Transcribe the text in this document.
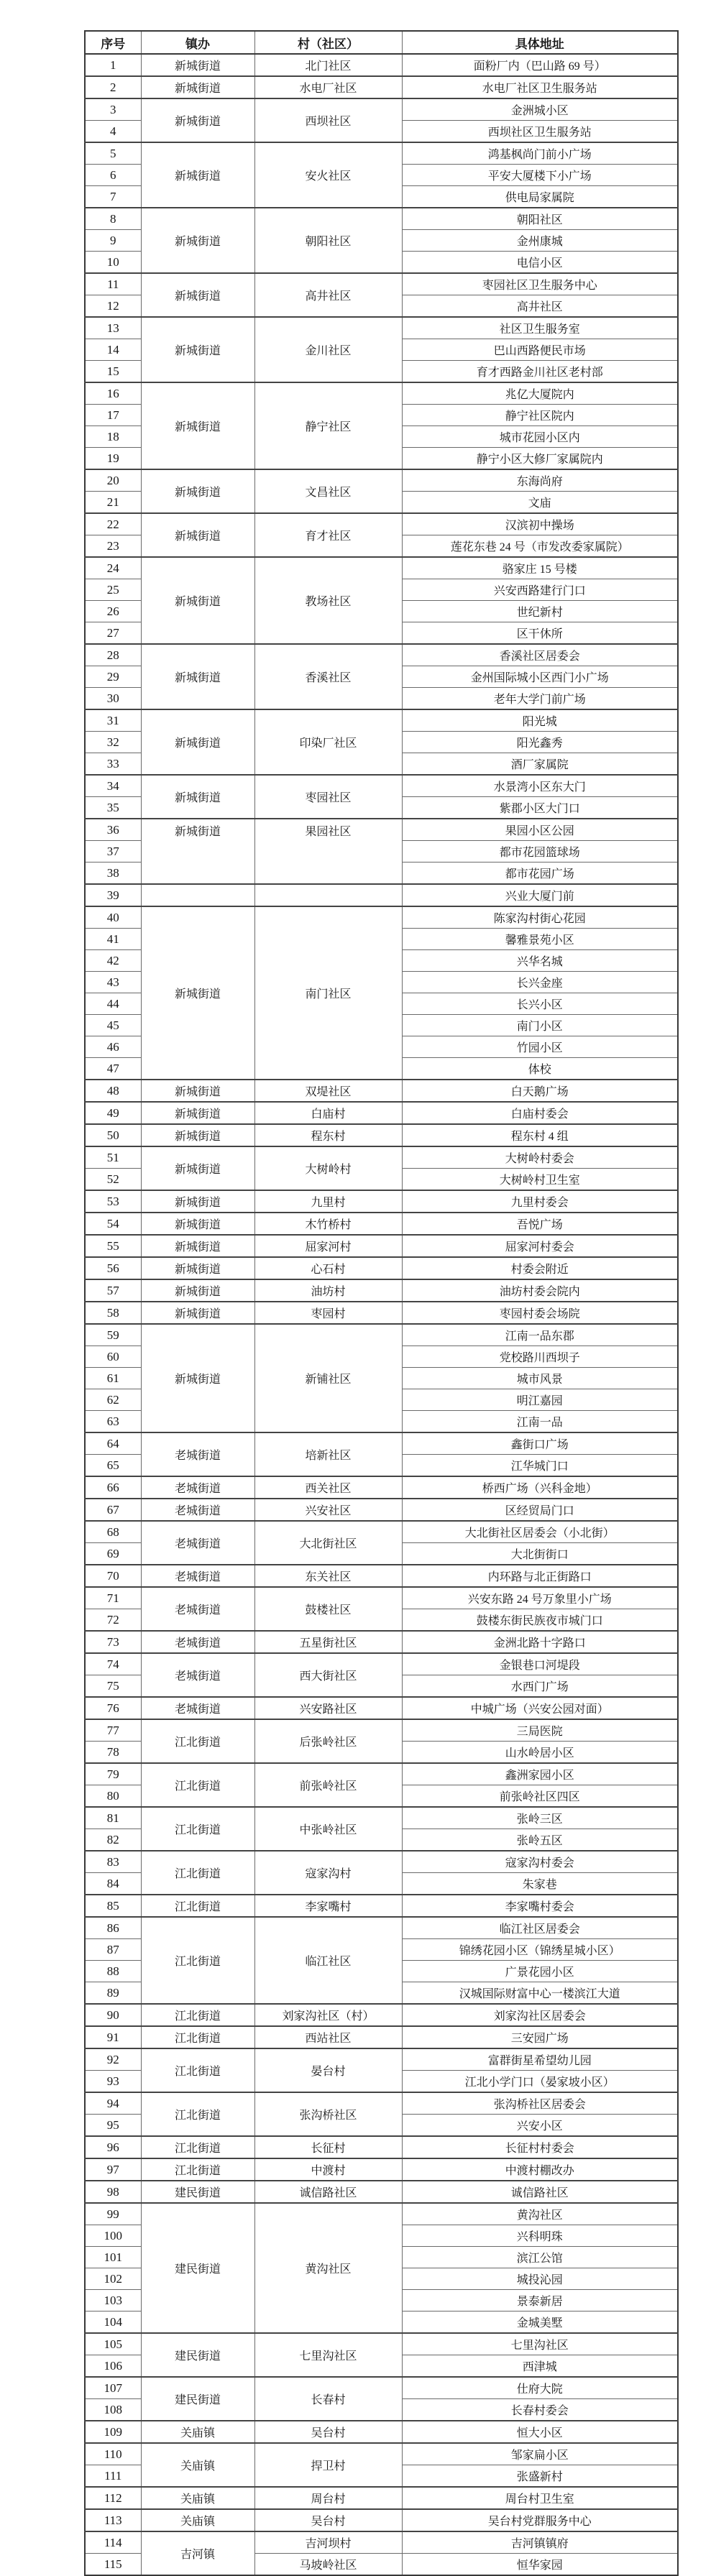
序号	镇办	村（社区）	具体地址
1	新城街道	北门社区	面粉厂内（巴山路 69 号）
2	新城街道	水电厂社区	水电厂社区卫生服务站
3	新城街道	西坝社区	金洲城小区
4			西坝社区卫生服务站
5	新城街道	安火社区	鸿基枫尚门前小广场
6			平安大厦楼下小广场
7			供电局家属院
8	新城街道	朝阳社区	朝阳社区
9			金州康城
10			电信小区
11	新城街道	高井社区	枣园社区卫生服务中心
12			高井社区
13	新城街道	金川社区	社区卫生服务室
14			巴山西路便民市场
15			育才西路金川社区老村部
16	新城街道	静宁社区	兆亿大厦院内
17			静宁社区院内
18			城市花园小区内
19			静宁小区大修厂家属院内
20	新城街道	文昌社区	东海尚府
21			文庙
22	新城街道	育才社区	汉滨初中操场
23			莲花东巷 24 号（市发改委家属院）
24	新城街道	教场社区	骆家庄 15 号楼
25			兴安西路建行门口
26			世纪新村
27			区干休所
28	新城街道	香溪社区	香溪社区居委会
29			金州国际城小区西门小广场
30			老年大学门前广场
31	新城街道	印染厂社区	阳光城
32			阳光鑫秀
33			酒厂家属院
34	新城街道	枣园社区	水景湾小区东大门
35			紫郡小区大门口
36	新城街道	果园社区	果园小区公园
37			都市花园篮球场
38			都市花园广场
39			兴业大厦门前
40	新城街道	南门社区	陈家沟村街心花园
41			馨雅景苑小区
42			兴华名城
43			长兴金座
44			长兴小区
45			南门小区
46			竹园小区
47			体校
48	新城街道	双堤社区	白天鹅广场
49	新城街道	白庙村	白庙村委会
50	新城街道	程东村	程东村 4 组
51	新城街道	大树岭村	大树岭村委会
52			大树岭村卫生室
53	新城街道	九里村	九里村委会
54	新城街道	木竹桥村	吾悦广场
55	新城街道	屈家河村	屈家河村委会
56	新城街道	心石村	村委会附近
57	新城街道	油坊村	油坊村委会院内
58	新城街道	枣园村	枣园村委会场院
59	新城街道	新铺社区	江南一品东郡
60			党校路川西坝子
61			城市风景
62			明江嘉园
63			江南一品
64	老城街道	培新社区	鑫街口广场
65			江华城门口
66	老城街道	西关社区	桥西广场（兴科金地）
67	老城街道	兴安社区	区经贸局门口
68	老城街道	大北街社区	大北街社区居委会（小北街）
69			大北街街口
70	老城街道	东关社区	内环路与北正街路口
71	老城街道	鼓楼社区	兴安东路 24 号万象里小广场
72			鼓楼东街民族夜市城门口
73	老城街道	五星街社区	金洲北路十字路口
74	老城街道	西大街社区	金银巷口河堤段
75			水西门广场
76	老城街道	兴安路社区	中城广场（兴安公园对面）
77	江北街道	后张岭社区	三局医院
78			山水岭居小区
79	江北街道	前张岭社区	鑫洲家园小区
80			前张岭社区四区
81	江北街道	中张岭社区	张岭三区
82			张岭五区
83	江北街道	寇家沟村	寇家沟村委会
84			朱家巷
85	江北街道	李家嘴村	李家嘴村委会
86	江北街道	临江社区	临江社区居委会
87			锦绣花园小区（锦绣星城小区）
88			广景花园小区
89			汉城国际财富中心一楼滨江大道
90	江北街道	刘家沟社区（村）	刘家沟社区居委会
91	江北街道	西站社区	三安园广场
92	江北街道	晏台村	富群街星希望幼儿园
93			江北小学门口（晏家坡小区）
94	江北街道	张沟桥社区	张沟桥社区居委会
95			兴安小区
96	江北街道	长征村	长征村村委会
97	江北街道	中渡村	中渡村棚改办
98	建民街道	诚信路社区	诚信路社区
99	建民街道	黄沟社区	黄沟社区
100			兴科明珠
101			滨江公馆
102			城投沁园
103			景泰新居
104			金城美墅
105	建民街道	七里沟社区	七里沟社区
106			西津城
107	建民街道	长春村	仕府大院
108			长春村委会
109	关庙镇	吴台村	恒大小区
110	关庙镇	捍卫村	邹家扁小区
111			张盛新村
112	关庙镇	周台村	周台村卫生室
113	关庙镇	吴台村	吴台村党群服务中心
114	吉河镇	吉河坝村	吉河镇镇府
115		马坡岭社区	恒华家园
